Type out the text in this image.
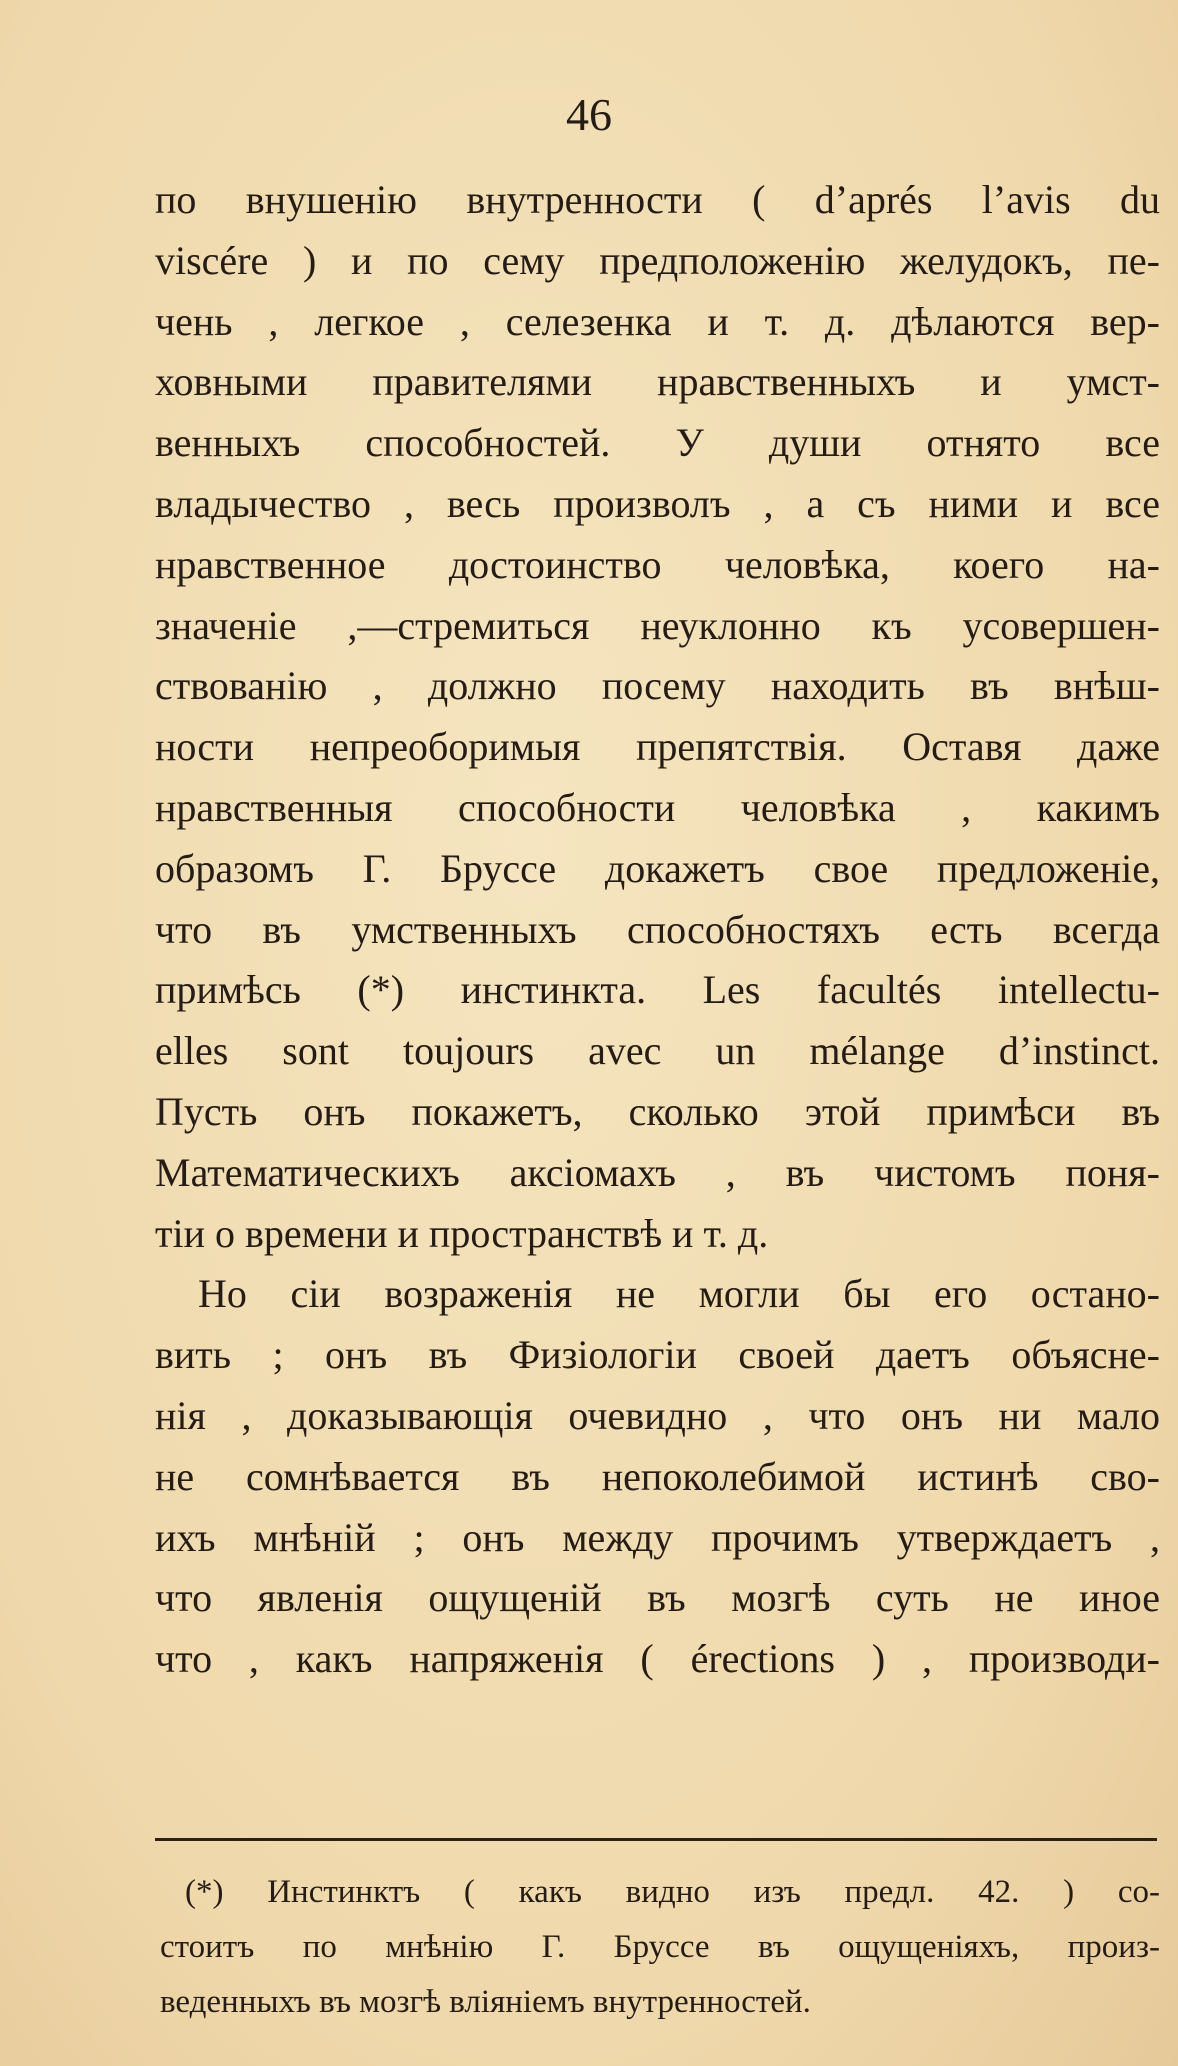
46
по внушенію внутренности ( d’aprés l’avis du
viscére ) и по сему предположенію желудокъ, пе-
чень , легкое , селезенка и т. д. дѣлаются вер-
ховными правителями нравственныхъ и умст-
венныхъ способностей. У души отнято все
владычество , весь произволъ , а съ ними и все
нравственное достоинство человѣка, коего на-
значеніе ,—стремиться неуклонно къ усовершен-
ствованію , должно посему находить въ внѣш-
ности непреоборимыя препятствія. Оставя даже
нравственныя способности человѣка , какимъ
образомъ Г. Бруссе докажетъ свое предложеніе,
что въ умственныхъ способностяхъ есть всегда
примѣсь (*) инстинкта. Les facultés intellectu-
elles sont toujours avec un mélange d’instinct.
Пусть онъ покажетъ, сколько этой примѣси въ
Математическихъ аксіомахъ , въ чистомъ поня-
тіи о времени и пространствѣ и т. д.
Но сіи возраженія не могли бы его остано-
вить ; онъ въ Физіологіи своей даетъ объясне-
нія , доказывающія очевидно , что онъ ни мало
не сомнѣвается въ непоколебимой истинѣ сво-
ихъ мнѣній ; онъ между прочимъ утверждаетъ ,
что явленія ощущеній въ мозгѣ суть не иное
что , какъ напряженія ( érections ) , производи-
(*) Инстинктъ ( какъ видно изъ предл. 42. ) со-
стоитъ по мнѣнію Г. Бруссе въ ощущеніяхъ, произ-
веденныхъ въ мозгѣ вліяніемъ внутренностей.
